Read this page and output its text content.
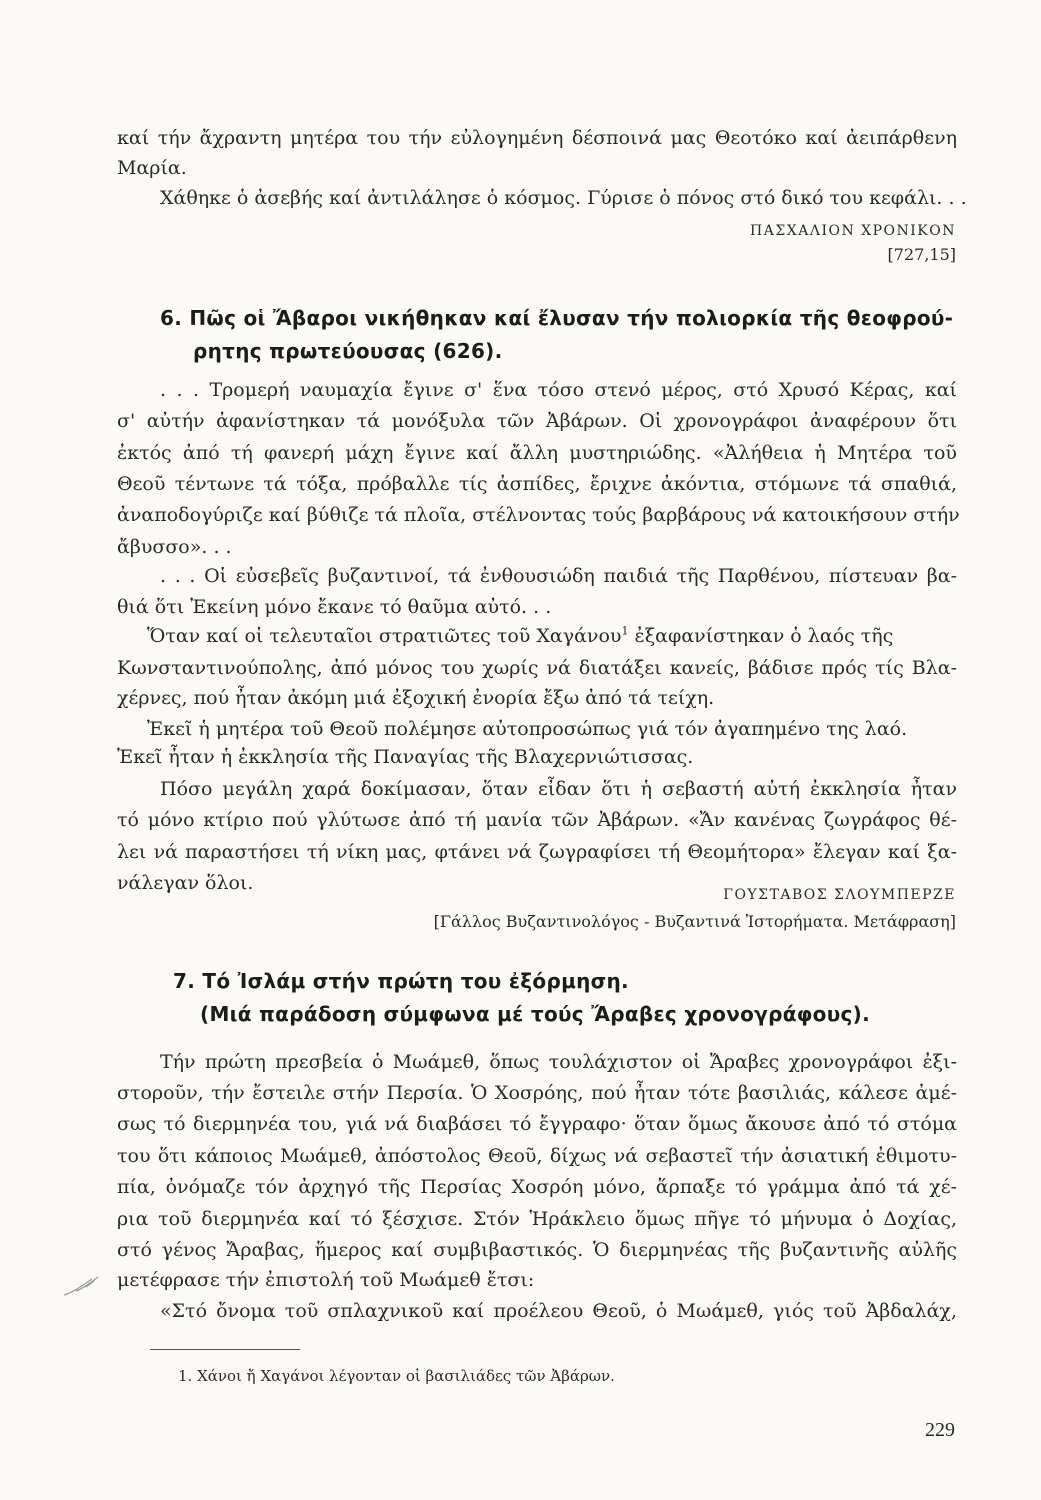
καί τήν ἄχραντη μητέρα του τήν εὐλογημένη δέσποινά μας Θεοτόκο καί ἀειπάρθενη
Μαρία.
Χάθηκε ὁ ἀσεβής καί ἀντιλάλησε ὁ κόσμος. Γύρισε ὁ πόνος στό δικό του κεφάλι. . .
ΠΑΣΧΑΛΙΟΝ ΧΡΟΝΙΚΟΝ
[727,15]
6. Πῶς οἱ Ἄβαροι νικήθηκαν καί ἔλυσαν τήν πολιορκία τῆς θεοφρού-
ρητης πρωτεύουσας (626).
. . . Τρομερή ναυμαχία ἔγινε σ' ἕνα τόσο στενό μέρος, στό Χρυσό Κέρας, καί
σ' αὐτήν ἀφανίστηκαν τά μονόξυλα τῶν Ἀβάρων. Οἱ χρονογράφοι ἀναφέρουν ὅτι
ἐκτός ἀπό τή φανερή μάχη ἔγινε καί ἄλλη μυστηριώδης. «Ἀλήθεια ἡ Μητέρα τοῦ
Θεοῦ τέντωνε τά τόξα, πρόβαλλε τίς ἀσπίδες, ἔριχνε ἀκόντια, στόμωνε τά σπαθιά,
ἀναποδογύριζε καί βύθιζε τά πλοῖα, στέλνοντας τούς βαρβάρους νά κατοικήσουν στήν
ἄβυσσο». . .
. . . Οἱ εὐσεβεῖς βυζαντινοί, τά ἐνθουσιώδη παιδιά τῆς Παρθένου, πίστευαν βα-
θιά ὅτι Ἐκείνη μόνο ἔκανε τό θαῦμα αὐτό. . .
Ὅταν καί οἱ τελευταῖοι στρατιῶτες τοῦ Χαγάνου$^1$ ἐξαφανίστηκαν ὁ λαός τῆς
Κωνσταντινούπολης, ἀπό μόνος του χωρίς νά διατάξει κανείς, βάδισε πρός τίς Βλα-
χέρνες, πού ἦταν ἀκόμη μιά ἐξοχική ἐνορία ἔξω ἀπό τά τείχη.
Ἐκεῖ ἡ μητέρα τοῦ Θεοῦ πολέμησε αὐτοπροσώπως γιά τόν ἀγαπημένο της λαό.
Ἐκεῖ ἦταν ἡ ἐκκλησία τῆς Παναγίας τῆς Βλαχερνιώτισσας.
Πόσο μεγάλη χαρά δοκίμασαν, ὅταν εἶδαν ὅτι ἡ σεβαστή αὐτή ἐκκλησία ἦταν
τό μόνο κτίριο πού γλύτωσε ἀπό τή μανία τῶν Ἀβάρων. «Ἄν κανένας ζωγράφος θέ-
λει νά παραστήσει τή νίκη μας, φτάνει νά ζωγραφίσει τή Θεομήτορα» ἔλεγαν καί ξα-
νάλεγαν ὅλοι.
ΓΟΥΣΤΑΒΟΣ ΣΛΟΥΜΠΕΡΖΕ
[Γάλλος Βυζαντινολόγος - Βυζαντινά Ἱστορήματα. Μετάφραση]
7. Τό Ἰσλάμ στήν πρώτη του ἐξόρμηση.
(Μιά παράδοση σύμφωνα μέ τούς Ἄραβες χρονογράφους).
Τήν πρώτη πρεσβεία ὁ Μωάμεθ, ὅπως τουλάχιστον οἱ Ἄραβες χρονογράφοι ἐξι-
στοροῦν, τήν ἔστειλε στήν Περσία. Ὁ Χοσρόης, πού ἦταν τότε βασιλιάς, κάλεσε ἀμέ-
σως τό διερμηνέα του, γιά νά διαβάσει τό ἔγγραφο· ὅταν ὅμως ἄκουσε ἀπό τό στόμα
του ὅτι κάποιος Μωάμεθ, ἀπόστολος Θεοῦ, δίχως νά σεβαστεῖ τήν ἀσιατική ἐθιμοτυ-
πία, ὀνόμαζε τόν ἀρχηγό τῆς Περσίας Χοσρόη μόνο, ἅρπαξε τό γράμμα ἀπό τά χέ-
ρια τοῦ διερμηνέα καί τό ξέσχισε. Στόν Ἡράκλειο ὅμως πῆγε τό μήνυμα ὁ Δοχίας,
στό γένος Ἄραβας, ἥμερος καί συμβιβαστικός. Ὁ διερμηνέας τῆς βυζαντινῆς αὐλῆς
μετέφρασε τήν ἐπιστολή τοῦ Μωάμεθ ἔτσι:
«Στό ὄνομα τοῦ σπλαχνικοῦ καί προέλεου Θεοῦ, ὁ Μωάμεθ, γιός τοῦ Ἀβδαλάχ,
1. Χάνοι ἤ Χαγάνοι λέγονταν οἱ βασιλιάδες τῶν Ἀβάρων.
229
